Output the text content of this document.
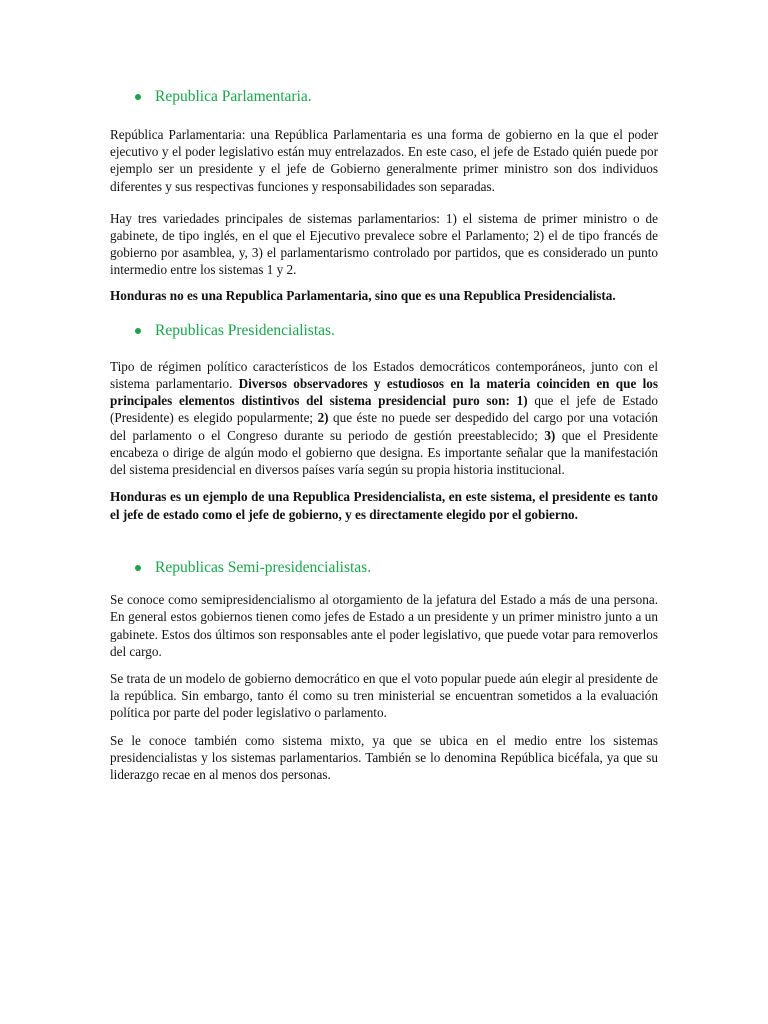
Republica Parlamentaria.

República Parlamentaria: una República Parlamentaria es una forma de gobierno en la que el poder ejecutivo y el poder legislativo están muy entrelazados. En este caso, el jefe de Estado quién puede por ejemplo ser un presidente y el jefe de Gobierno generalmente primer ministro son dos individuos diferentes y sus respectivas funciones y responsabilidades son separadas.

Hay tres variedades principales de sistemas parlamentarios: 1) el sistema de primer ministro o de gabinete, de tipo inglés, en el que el Ejecutivo prevalece sobre el Parlamento; 2) el de tipo francés de gobierno por asamblea, y, 3) el parlamentarismo controlado por partidos, que es considerado un punto intermedio entre los sistemas 1 y 2.

Honduras no es una Republica Parlamentaria, sino que es una Republica Presidencialista.

Republicas Presidencialistas.

Tipo de régimen político característicos de los Estados democráticos contemporáneos, junto con el sistema parlamentario. Diversos observadores y estudiosos en la materia coinciden en que los principales elementos distintivos del sistema presidencial puro son: 1) que el jefe de Estado (Presidente) es elegido popularmente; 2) que éste no puede ser despedido del cargo por una votación del parlamento o el Congreso durante su periodo de gestión preestablecido; 3) que el Presidente encabeza o dirige de algún modo el gobierno que designa. Es importante señalar que la manifestación del sistema presidencial en diversos países varía según su propia historia institucional.

Honduras es un ejemplo de una Republica Presidencialista, en este sistema, el presidente es tanto el jefe de estado como el jefe de gobierno, y es directamente elegido por el gobierno.

Republicas Semi-presidencialistas.

Se conoce como semipresidencialismo al otorgamiento de la jefatura del Estado a más de una persona. En general estos gobiernos tienen como jefes de Estado a un presidente y un primer ministro junto a un gabinete. Estos dos últimos son responsables ante el poder legislativo, que puede votar para removerlos del cargo.

Se trata de un modelo de gobierno democrático en que el voto popular puede aún elegir al presidente de la república. Sin embargo, tanto él como su tren ministerial se encuentran sometidos a la evaluación política por parte del poder legislativo o parlamento.

Se le conoce también como sistema mixto, ya que se ubica en el medio entre los sistemas presidencialistas y los sistemas parlamentarios. También se lo denomina República bicéfala, ya que su liderazgo recae en al menos dos personas.
